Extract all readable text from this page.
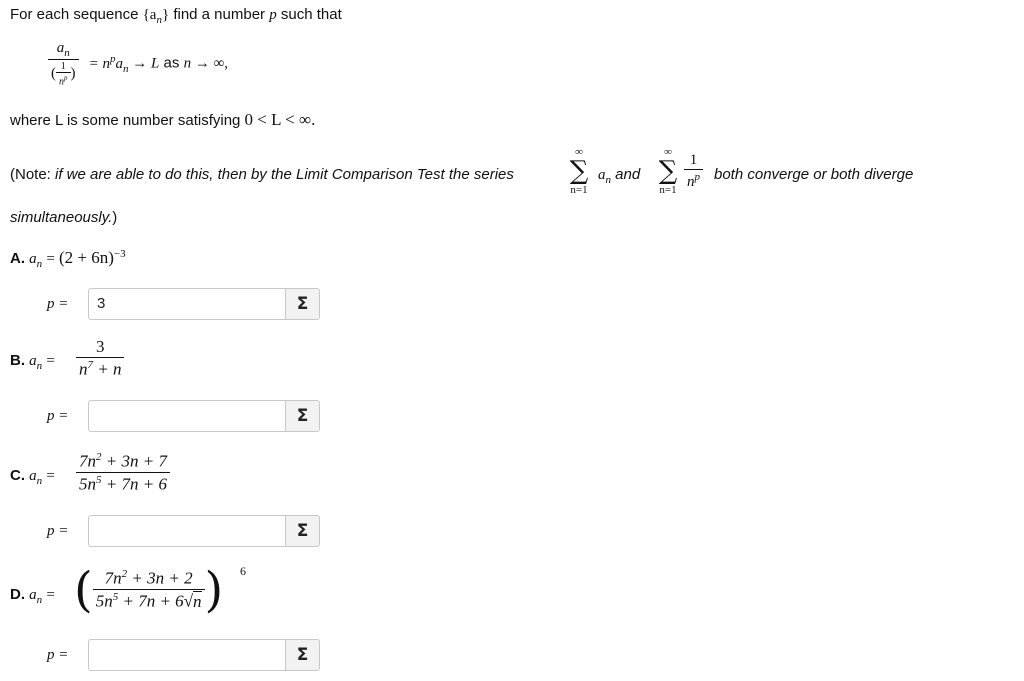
For each sequence $\{a_n\}$ find a number p such that
$\frac{a_n}{( \frac{1}{n^p} )} = n^pa_n \to L$ as n → ∞,
where L is some number satisfying 0 < L < ∞.
(Note: if we are able to do this, then by the Limit Comparison Test the series
∞
∑
n=1
$a_n$ and
∞
∑
$n=1 \frac{1}{n^p}$ both converge or both diverge
simultaneously.)
A. $a_n = (2 + 6n)^{-3}$
p =	3	Σ
B. $a_n = \frac{3}{n^7 + n}$
p =	Σ
C. $a_n = \frac{7n^2 + 3n + 7}{5n^5 + 7n + 6}$
p =	Σ
D. $a_n$ = ( $\frac{7n^2 + 3n + 2}{5n^5 + 7n + 6√n}$ ) 6
p =	Σ
